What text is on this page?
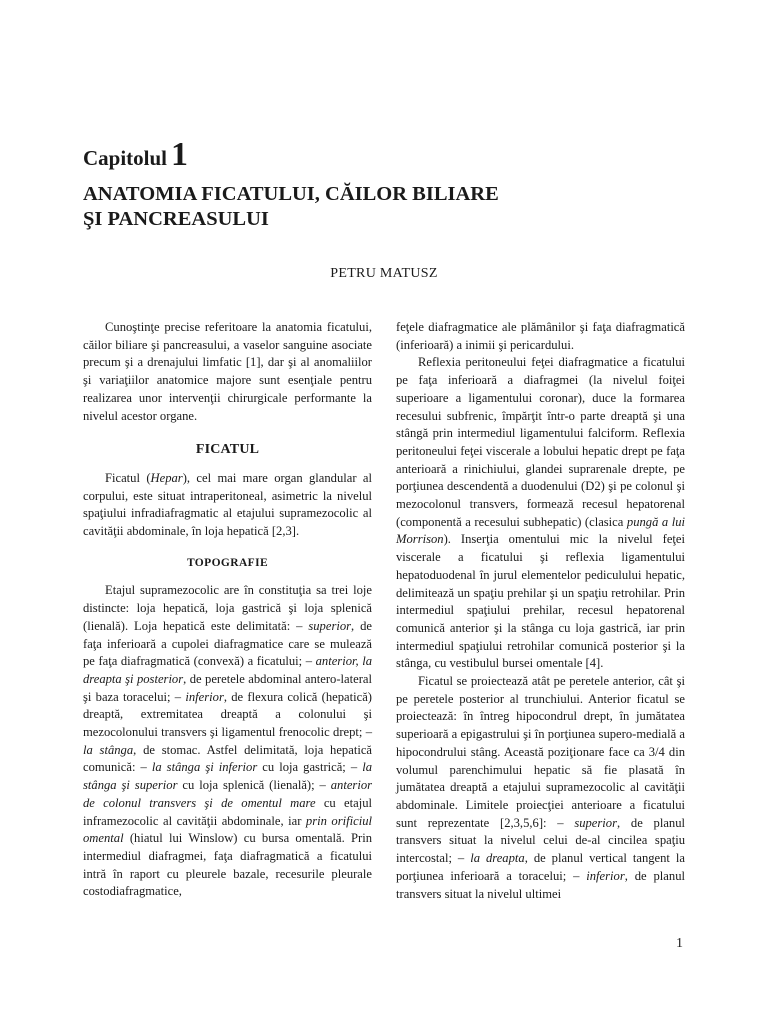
Capitolul 1
ANATOMIA FICATULUI, CĂILOR BILIARE
ŞI PANCREASULUI
PETRU MATUSZ

Cunoştinţe precise referitoare la anatomia ficatului, căilor biliare şi pancreasului, a vaselor sanguine asociate precum şi a drenajului limfatic [1], dar şi al anomaliilor şi variaţiilor anatomice majore sunt esenţiale pentru realizarea unor intervenţii chirurgicale performante la nivelul acestor organe.

FICATUL

Ficatul (Hepar), cel mai mare organ glandular al corpului, este situat intraperitoneal, asimetric la nivelul spaţiului infradiafragmatic al etajului supramezocolic al cavităţii abdominale, în loja hepatică [2,3].

TOPOGRAFIE

Etajul supramezocolic are în constituţia sa trei loje distincte: loja hepatică, loja gastrică şi loja splenică (lienală). Loja hepatică este delimitată: – superior, de faţa inferioară a cupolei diafragmatice care se mulează pe faţa diafragmatică (convexă) a ficatului; – anterior, la dreapta şi posterior, de peretele abdominal antero-lateral şi baza toracelui; – inferior, de flexura colică (hepatică) dreaptă, extremitatea dreaptă a colonului şi mezocolonului transvers şi ligamentul frenocolic drept; – la stânga, de stomac. Astfel delimitată, loja hepatică comunică: – la stânga şi inferior cu loja gastrică; – la stânga şi superior cu loja splenică (lienală); – anterior de colonul transvers şi de omentul mare cu etajul inframezocolic al cavităţii abdominale, iar prin orificiul omental (hiatul lui Winslow) cu bursa omentală. Prin intermediul diafragmei, faţa diafragmatică a ficatului intră în raport cu pleurele bazale, recesurile pleurale costodiafragmatice,

feţele diafragmatice ale plămânilor şi faţa diafragmatică (inferioară) a inimii şi pericardului.

Reflexia peritoneului feţei diafragmatice a ficatului pe faţa inferioară a diafragmei (la nivelul foiţei superioare a ligamentului coronar), duce la formarea recesului subfrenic, împărţit într-o parte dreaptă şi una stângă prin intermediul ligamentului falciform. Reflexia peritoneului feţei viscerale a lobului hepatic drept pe faţa anterioară a rinichiului, glandei suprarenale drepte, pe porţiunea descendentă a duodenului (D2) şi pe colonul şi mezocolonul transvers, formează recesul hepatorenal (componentă a recesului subhepatic) (clasica pungă a lui Morrison). Inserţia omentului mic la nivelul feţei viscerale a ficatului şi reflexia ligamentului hepatoduodenal în jurul elementelor pediculului hepatic, delimitează un spaţiu prehilar şi un spaţiu retrohilar. Prin intermediul spaţiului prehilar, recesul hepatorenal comunică anterior şi la stânga cu loja gastrică, iar prin intermediul spaţiului retrohilar comunică posterior şi la stânga, cu vestibulul bursei omentale [4].

Ficatul se proiectează atât pe peretele anterior, cât şi pe peretele posterior al trunchiului. Anterior ficatul se proiectează: în întreg hipocondrul drept, în jumătatea superioară a epigastrului şi în porţiunea supero-medială a hipocondrului stâng. Această poziţionare face ca 3/4 din volumul parenchimului hepatic să fie plasată în jumătatea dreaptă a etajului supramezocolic al cavităţii abdominale. Limitele proiecţiei anterioare a ficatului sunt reprezentate [2,3,5,6]: – superior, de planul transvers situat la nivelul celui de-al cincilea spaţiu intercostal; – la dreapta, de planul vertical tangent la porţiunea inferioară a toracelui; – inferior, de planul transvers situat la nivelul ultimei

1
